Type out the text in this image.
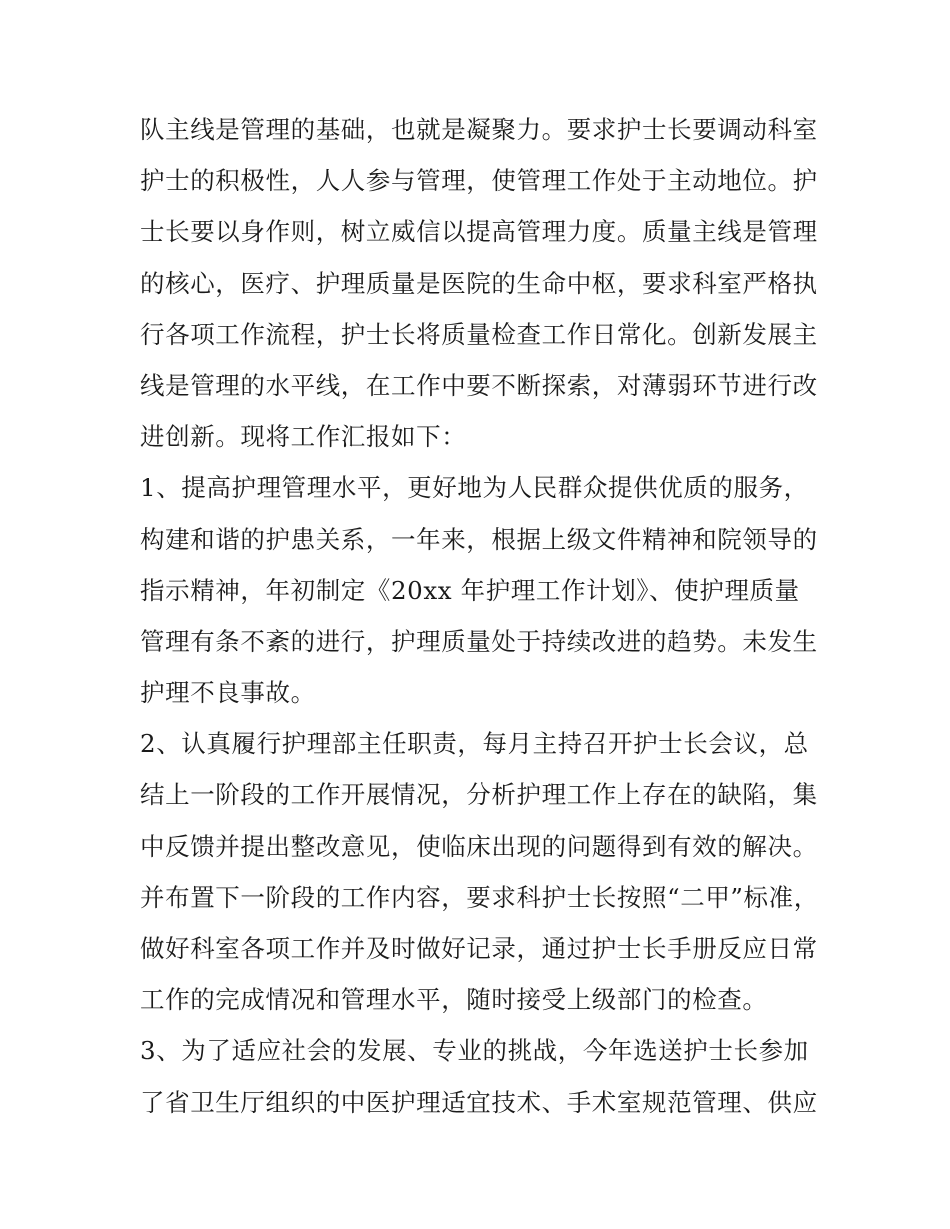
队主线是管理的基础，也就是凝聚力。要求护士长要调动科室
护士的积极性，人人参与管理，使管理工作处于主动地位。护
士长要以身作则，树立威信以提高管理力度。质量主线是管理
的核心，医疗、护理质量是医院的生命中枢，要求科室严格执
行各项工作流程，护士长将质量检查工作日常化。创新发展主
线是管理的水平线，在工作中要不断探索，对薄弱环节进行改
进创新。现将工作汇报如下：
1、提高护理管理水平，更好地为人民群众提供优质的服务，
构建和谐的护患关系，一年来，根据上级文件精神和院领导的
指示精神，年初制定《20xx 年护理工作计划》、使护理质量
管理有条不紊的进行，护理质量处于持续改进的趋势。未发生
护理不良事故。
2、认真履行护理部主任职责，每月主持召开护士长会议，总
结上一阶段的工作开展情况，分析护理工作上存在的缺陷，集
中反馈并提出整改意见，使临床出现的问题得到有效的解决。
并布置下一阶段的工作内容，要求科护士长按照“二甲”标准，
做好科室各项工作并及时做好记录，通过护士长手册反应日常
工作的完成情况和管理水平，随时接受上级部门的检查。
3、为了适应社会的发展、专业的挑战，今年选送护士长参加
了省卫生厅组织的中医护理适宜技术、手术室规范管理、供应
